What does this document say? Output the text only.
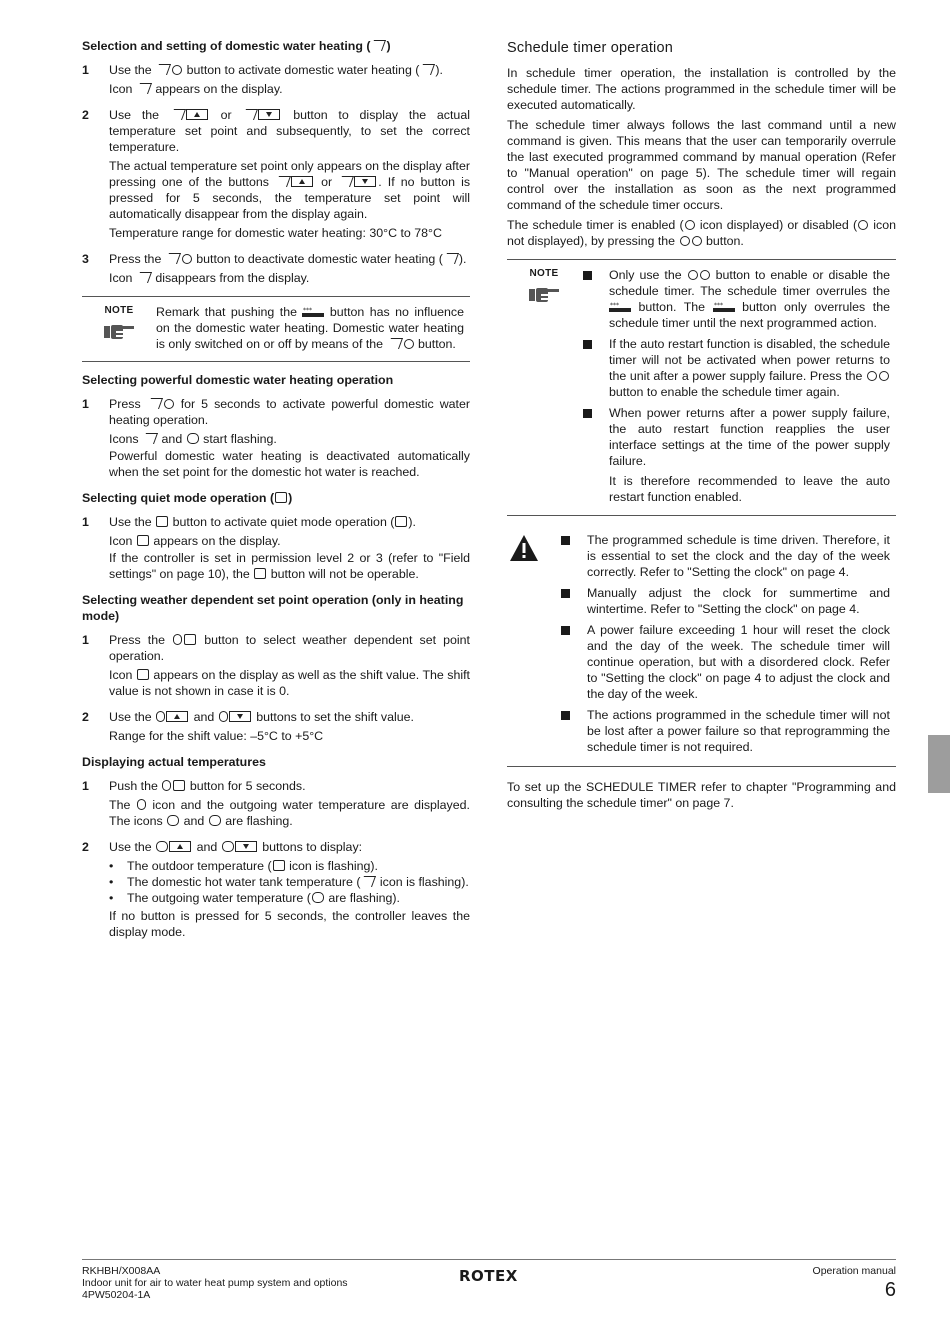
Selection and setting of domestic water heating ( )
1 Use the	button to activate domestic water heating ( ).

Icon appears on the display.

2 Use the	or	button to display the actual temperature set point and subsequently, to set the correct temperature.

The actual temperature set point only appears on the display after pressing one of the buttons	or	. If no button is pressed for 5 seconds, the temperature set point will automatically disappear from the display again.

Temperature range for domestic water heating: 30°C to 78°C

3 Press the	button to deactivate domestic water heating ( ).

Icon disappears from the display.

NOTE	Remark that pushing the *** button has no influence on the domestic water heating. Domestic water heating is only switched on or off by means of the	button.

Selecting powerful domestic water heating operation
1 Press	for 5 seconds to activate powerful domestic water heating operation.

Icons and start flashing.

Powerful domestic water heating is deactivated automatically when the set point for the domestic hot water is reached.

Selecting quiet mode operation ( )
1 Use the button to activate quiet mode operation ( ).

Icon appears on the display.

If the controller is set in permission level 2 or 3 (refer to "Field settings" on page 10), the button will not be operable.

Selecting weather dependent set point operation (only in heating mode)
1 Press the	button to select weather dependent set point operation.

Icon appears on the display as well as the shift value. The shift value is not shown in case it is 0.

2 Use the	and	buttons to set the shift value.

Range for the shift value: –5°C to +5°C

Displaying actual temperatures
1 Push the	button for 5 seconds.

The icon and the outgoing water temperature are displayed. The icons and are flashing.

2 Use the	and	buttons to display:

• The outdoor temperature ( icon is flashing).
• The domestic hot water tank temperature ( icon is flashing).
• The outgoing water temperature ( are flashing).

If no button is pressed for 5 seconds, the controller leaves the display mode.

Schedule timer operation

In schedule timer operation, the installation is controlled by the schedule timer. The actions programmed in the schedule timer will be executed automatically.

The schedule timer always follows the last command until a new command is given. This means that the user can temporarily overrule the last executed programmed command by manual operation (Refer to "Manual operation" on page 5). The schedule timer will regain control over the installation as soon as the next programmed command of the schedule timer occurs.

The schedule timer is enabled ( icon displayed) or disabled ( icon not displayed), by pressing the button.

NOTE	Only use the	button to enable or disable the schedule timer. The schedule timer overrules the
*** button. The *** button only overrules the schedule timer until the next programmed action.

If the auto restart function is disabled, the schedule timer will not be activated when power returns to the unit after a power supply failure. Press the  button to enable the schedule timer again.

When power returns after a power supply failure, the auto restart function reapplies the user interface settings at the time of the power supply failure.

It is therefore recommended to leave the auto restart function enabled.

The programmed schedule is time driven. Therefore, it is essential to set the clock and the day of the week correctly. Refer to "Setting the clock" on page 4.

Manually adjust the clock for summertime and wintertime. Refer to "Setting the clock" on page 4.

A power failure exceeding 1 hour will reset the clock and the day of the week. The schedule timer will continue operation, but with a disordered clock. Refer to "Setting the clock" on page 4 to adjust the clock and the day of the week.

The actions programmed in the schedule timer will not be lost after a power failure so that reprogramming the schedule timer is not required.

To set up the SCHEDULE TIMER refer to chapter "Programming and consulting the schedule timer" on page 7.

RKHBH/X008AA
Indoor unit for air to water heat pump system and options
4PW50204-1A
ROTEX	Operation manual
6
